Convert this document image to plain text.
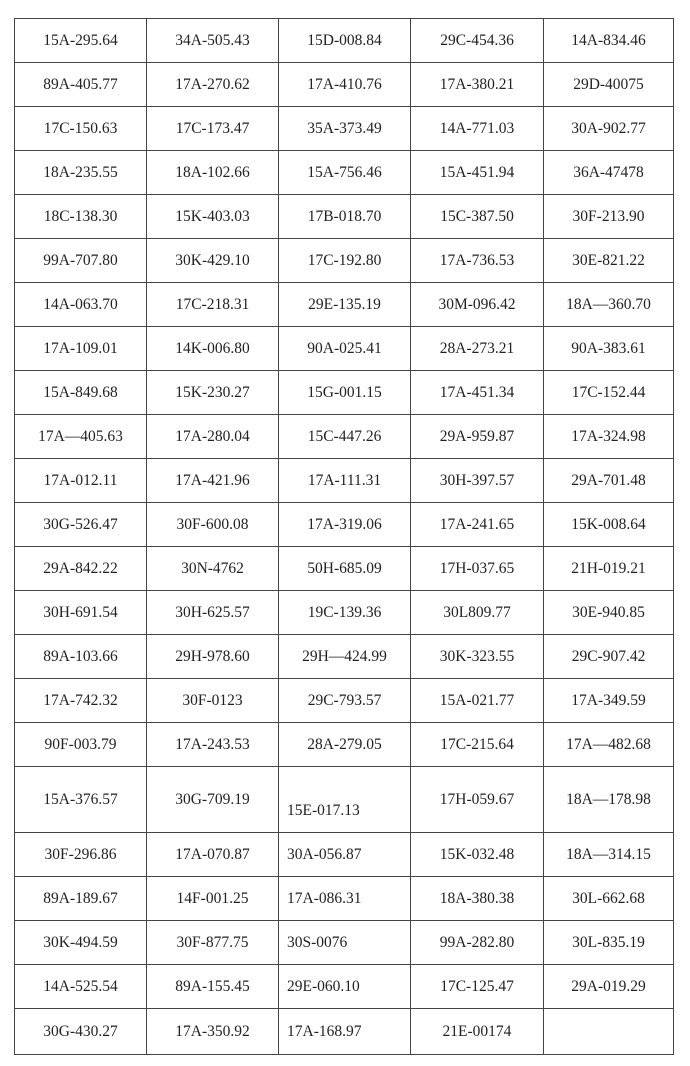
15A-295.64	34A-505.43	15D-008.84	29C-454.36	14A-834.46
89A-405.77	17A-270.62	17A-410.76	17A-380.21	29D-40075
17C-150.63	17C-173.47	35A-373.49	14A-771.03	30A-902.77
18A-235.55	18A-102.66	15A-756.46	15A-451.94	36A-47478
18C-138.30	15K-403.03	17B-018.70	15C-387.50	30F-213.90
99A-707.80	30K-429.10	17C-192.80	17A-736.53	30E-821.22
14A-063.70	17C-218.31	29E-135.19	30M-096.42	18A—360.70
17A-109.01	14K-006.80	90A-025.41	28A-273.21	90A-383.61
15A-849.68	15K-230.27	15G-001.15	17A-451.34	17C-152.44
17A—405.63	17A-280.04	15C-447.26	29A-959.87	17A-324.98
17A-012.11	17A-421.96	17A-111.31	30H-397.57	29A-701.48
30G-526.47	30F-600.08	17A-319.06	17A-241.65	15K-008.64
29A-842.22	30N-4762	50H-685.09	17H-037.65	21H-019.21
30H-691.54	30H-625.57	19C-139.36	30L809.77	30E-940.85
89A-103.66	29H-978.60	29H—424.99	30K-323.55	29C-907.42
17A-742.32	30F-0123	29C-793.57	15A-021.77	17A-349.59
90F-003.79	17A-243.53	28A-279.05	17C-215.64	17A—482.68
15A-376.57	30G-709.19	15E-017.13	17H-059.67	18A—178.98
30F-296.86	17A-070.87	30A-056.87	15K-032.48	18A—314.15
89A-189.67	14F-001.25	17A-086.31	18A-380.38	30L-662.68
30K-494.59	30F-877.75	30S-0076	99A-282.80	30L-835.19
14A-525.54	89A-155.45	29E-060.10	17C-125.47	29A-019.29
30G-430.27	17A-350.92	17A-168.97	21E-00174	
